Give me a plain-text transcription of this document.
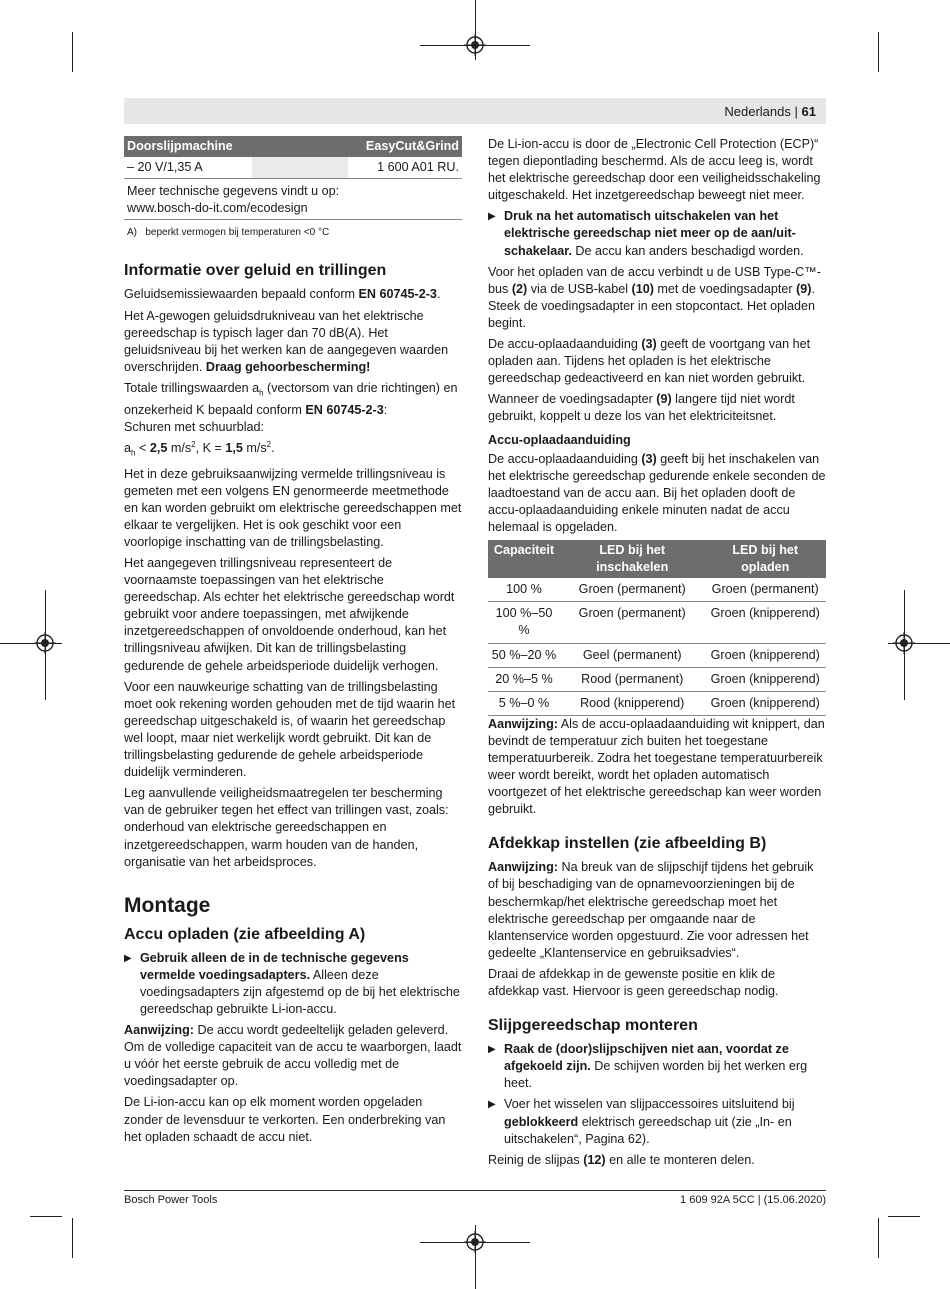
Nederlands | 61
Doorslijpmachine		EasyCut&Grind
– 20 V/1,35 A		1 600 A01 RU.

Meer technische gegevens vindt u op:
www.bosch-do-it.com/ecodesign		
A) beperkt vermogen bij temperaturen <0 °C
Informatie over geluid en trillingen

Geluidsemissiewaarden bepaald conform EN 60745-2-3.

Het A-gewogen geluidsdrukniveau van het elektrische gereedschap is typisch lager dan 70 dB(A). Het geluidsniveau bij het werken kan de aangegeven waarden overschrijden. Draag gehoorbescherming!

Totale trillingswaarden $a_h$ (vectorsom van drie richtingen) en onzekerheid K bepaald conform EN 60745-2-3:
Schuren met schuurblad:
$a_h < 2,5$ $m/s^2$, K = 1,5 $m/s^2$.

Het in deze gebruiksaanwijzing vermelde trillingsniveau is gemeten met een volgens EN genormeerde meetmethode en kan worden gebruikt om elektrische gereedschappen met elkaar te vergelijken. Het is ook geschikt voor een voorlopige inschatting van de trillingsbelasting.

Het aangegeven trillingsniveau representeert de voornaamste toepassingen van het elektrische gereedschap. Als echter het elektrische gereedschap wordt gebruikt voor andere toepassingen, met afwijkende inzetgereedschappen of onvoldoende onderhoud, kan het trillingsniveau afwijken. Dit kan de trillingsbelasting gedurende de gehele arbeidsperiode duidelijk verhogen.

Voor een nauwkeurige schatting van de trillingsbelasting moet ook rekening worden gehouden met de tijd waarin het gereedschap uitgeschakeld is, of waarin het gereedschap wel loopt, maar niet werkelijk wordt gebruikt. Dit kan de trillingsbelasting gedurende de gehele arbeidsperiode duidelijk verminderen.

Leg aanvullende veiligheidsmaatregelen ter bescherming van de gebruiker tegen het effect van trillingen vast, zoals: onderhoud van elektrische gereedschappen en inzetgereedschappen, warm houden van de handen, organisatie van het arbeidsproces.

Montage
Accu opladen (zie afbeelding A)
▶ Gebruik alleen de in de technische gegevens vermelde voedingsadapters. Alleen deze voedingsadapters zijn afgestemd op de bij het elektrische gereedschap gebruikte Li-ion-accu.

Aanwijzing: De accu wordt gedeeltelijk geladen geleverd. Om de volledige capaciteit van de accu te waarborgen, laadt u vóór het eerste gebruik de accu volledig met de voedingsadapter op.

De Li-ion-accu kan op elk moment worden opgeladen zonder de levensduur te verkorten. Een onderbreking van het opladen schaadt de accu niet.

De Li-ion-accu is door de „Electronic Cell Protection (ECP)“ tegen diepontlading beschermd. Als de accu leeg is, wordt het elektrische gereedschap door een veiligheidsschakeling uitgeschakeld. Het inzetgereedschap beweegt niet meer.

▶ Druk na het automatisch uitschakelen van het elektrische gereedschap niet meer op de aan/uit-schakelaar. De accu kan anders beschadigd worden.

Voor het opladen van de accu verbindt u de USB Type-C™-bus (2) via de USB-kabel (10) met de voedingsadapter (9). Steek de voedingsadapter in een stopcontact. Het opladen begint.

De accu-oplaadaanduiding (3) geeft de voortgang van het opladen aan. Tijdens het opladen is het elektrische gereedschap gedeactiveerd en kan niet worden gebruikt.

Wanneer de voedingsadapter (9) langere tijd niet wordt gebruikt, koppelt u deze los van het elektriciteitsnet.

Accu-oplaadaanduiding

De accu-oplaadaanduiding (3) geeft bij het inschakelen van het elektrische gereedschap gedurende enkele seconden de laadtoestand van de accu aan. Bij het opladen dooft de accu-oplaadaanduiding enkele minuten nadat de accu helemaal is opgeladen.

Capaciteit	LED bij het inschakelen	LED bij het opladen
100 %	Groen (permanent)	Groen (permanent)
100 %–50 %	Groen (permanent)	Groen (knipperend)
50 %–20 %	Geel (permanent)	Groen (knipperend)
20 %–5 %	Rood (permanent)	Groen (knipperend)
5 %–0 %	Rood (knipperend)	Groen (knipperend)

Aanwijzing: Als de accu-oplaadaanduiding wit knippert, dan bevindt de temperatuur zich buiten het toegestane temperatuurbereik. Zodra het toegestane temperatuurbereik weer wordt bereikt, wordt het opladen automatisch voortgezet of het elektrische gereedschap kan weer worden gebruikt.

Afdekkap instellen (zie afbeelding B)

Aanwijzing: Na breuk van de slijpschijf tijdens het gebruik of bij beschadiging van de opnamevoorzieningen bij de beschermkap/het elektrische gereedschap moet het elektrische gereedschap per omgaande naar de klantenservice worden opgestuurd. Zie voor adressen het gedeelte „Klantenservice en gebruiksadvies“.

Draai de afdekkap in de gewenste positie en klik de afdekkap vast. Hiervoor is geen gereedschap nodig.

Slijpgereedschap monteren
▶ Raak de (door)slijpschijven niet aan, voordat ze afgekoeld zijn. De schijven worden bij het werken erg heet.
▶ Voer het wisselen van slijpaccessoires uitsluitend bij geblokkeerd elektrisch gereedschap uit (zie „In- en uitschakelen“, Pagina 62).

Reinig de slijpas (12) en alle te monteren delen.

Bosch Power Tools	1 609 92A 5CC | (15.06.2020)
